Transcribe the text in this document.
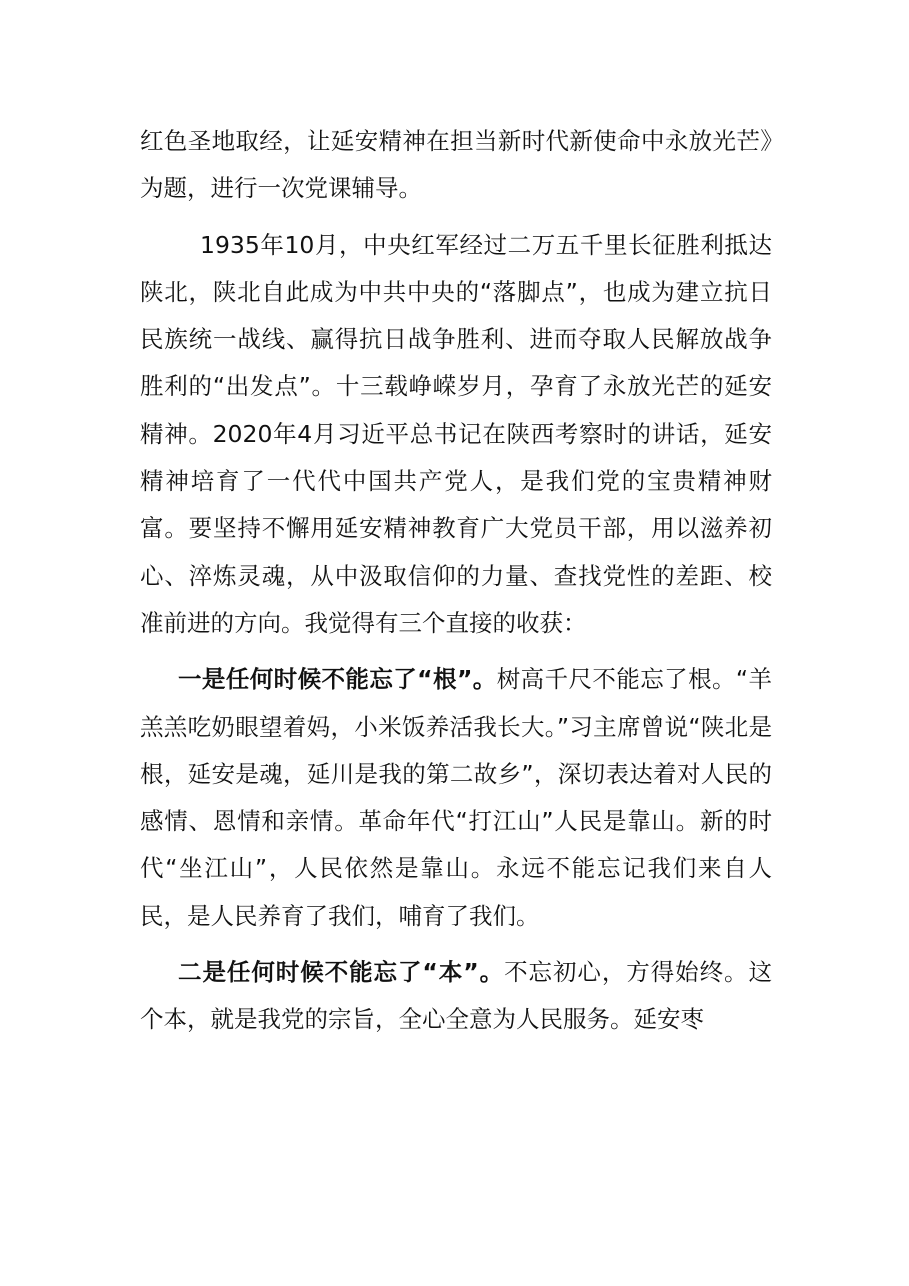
红色圣地取经，让延安精神在担当新时代新使命中永放光芒》为题，进行一次党课辅导。

1935年10月，中央红军经过二万五千里长征胜利抵达陕北，陕北自此成为中共中央的“落脚点”，也成为建立抗日民族统一战线、赢得抗日战争胜利、进而夺取人民解放战争胜利的“出发点”。十三载峥嵘岁月，孕育了永放光芒的延安精神。2020年4月习近平总书记在陕西考察时的讲话，延安精神培育了一代代中国共产党人，是我们党的宝贵精神财富。要坚持不懈用延安精神教育广大党员干部，用以滋养初心、淬炼灵魂，从中汲取信仰的力量、查找党性的差距、校准前进的方向。我觉得有三个直接的收获：

一是任何时候不能忘了“根”。树高千尺不能忘了根。“羊羔羔吃奶眼望着妈，小米饭养活我长大。”习主席曾说“陕北是根，延安是魂，延川是我的第二故乡”，深切表达着对人民的感情、恩情和亲情。革命年代“打江山”人民是靠山。新的时代“坐江山”，人民依然是靠山。永远不能忘记我们来自人民，是人民养育了我们，哺育了我们。

二是任何时候不能忘了“本”。不忘初心，方得始终。这个本，就是我党的宗旨，全心全意为人民服务。延安枣
